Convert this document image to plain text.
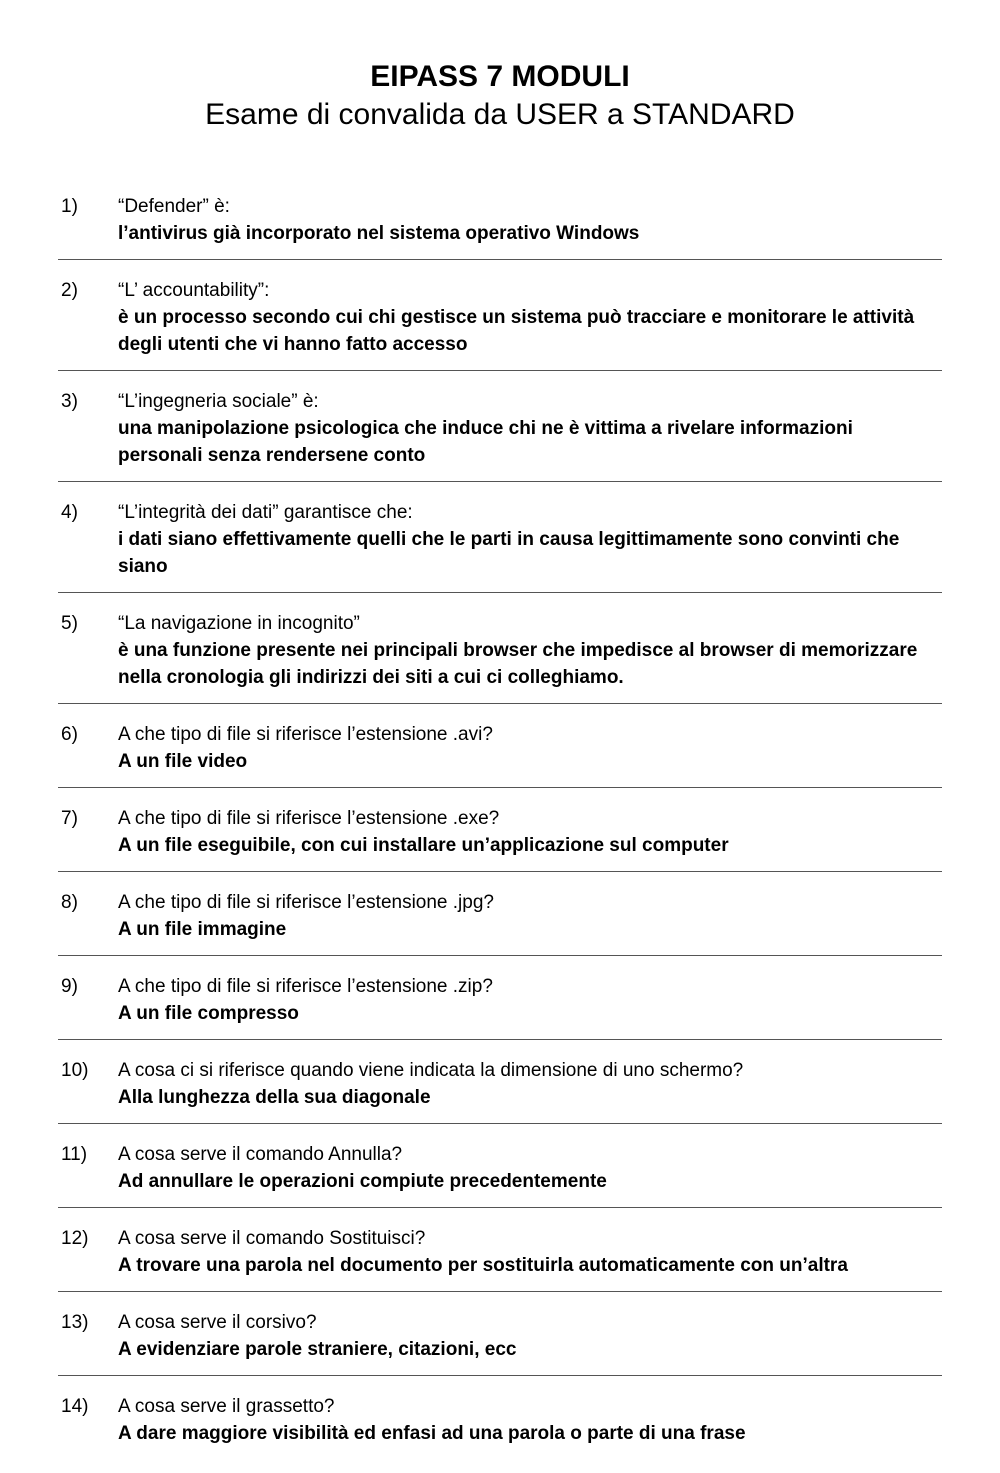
EIPASS 7 MODULI

Esame di convalida da USER a STANDARD

1) “Defender” è:

l’antivirus già incorporato nel sistema operativo Windows

2) “L’ accountability”:

è un processo secondo cui chi gestisce un sistema può tracciare e monitorare le attività degli utenti che vi hanno fatto accesso

3) “L’ingegneria sociale” è:

una manipolazione psicologica che induce chi ne è vittima a rivelare informazioni personali senza rendersene conto

4) “L’integrità dei dati” garantisce che:

i dati siano effettivamente quelli che le parti in causa legittimamente sono convinti che siano

5) “La navigazione in incognito”

è una funzione presente nei principali browser che impedisce al browser di memorizzare nella cronologia gli indirizzi dei siti a cui ci colleghiamo.

6) A che tipo di file si riferisce l’estensione .avi?

A un file video

7) A che tipo di file si riferisce l’estensione .exe?

A un file eseguibile, con cui installare un’applicazione sul computer

8) A che tipo di file si riferisce l’estensione .jpg?

A un file immagine

9) A che tipo di file si riferisce l’estensione .zip?

A un file compresso

10) A cosa ci si riferisce quando viene indicata la dimensione di uno schermo?

Alla lunghezza della sua diagonale

11) A cosa serve il comando Annulla?

Ad annullare le operazioni compiute precedentemente

12) A cosa serve il comando Sostituisci?

A trovare una parola nel documento per sostituirla automaticamente con un’altra

13) A cosa serve il corsivo?

A evidenziare parole straniere, citazioni, ecc

14) A cosa serve il grassetto?

A dare maggiore visibilità ed enfasi ad una parola o parte di una frase
